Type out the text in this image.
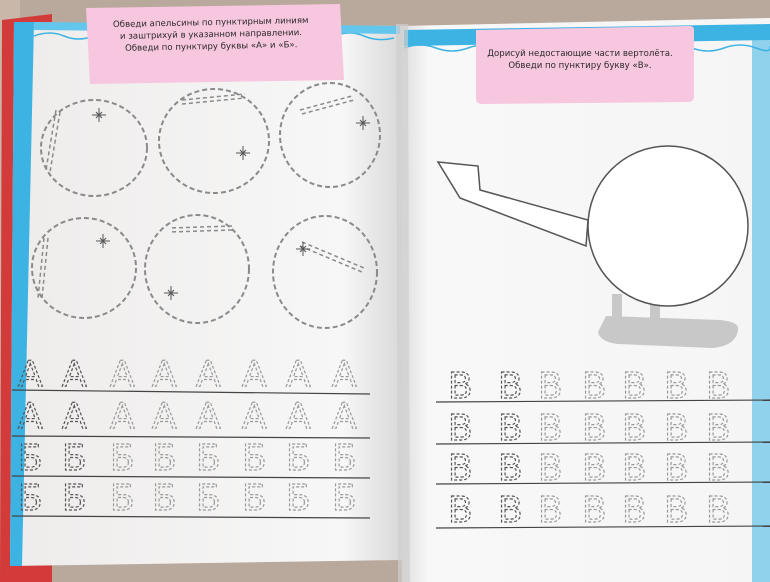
А А А А А А А А
А А А А А А А А
Б Б Б Б Б Б Б Б
Б Б Б Б Б Б Б Б
В В В В В В В
В В В В В В В
В В В В В В В
В В В В В В В
Обведи апельсины по пунктирным линиям
и заштрихуй в указанном направлении.
Обведи по пунктиру буквы «А» и «Б».
Дорисуй недостающие части вертолёта.
Обведи по пунктиру букву «В».
